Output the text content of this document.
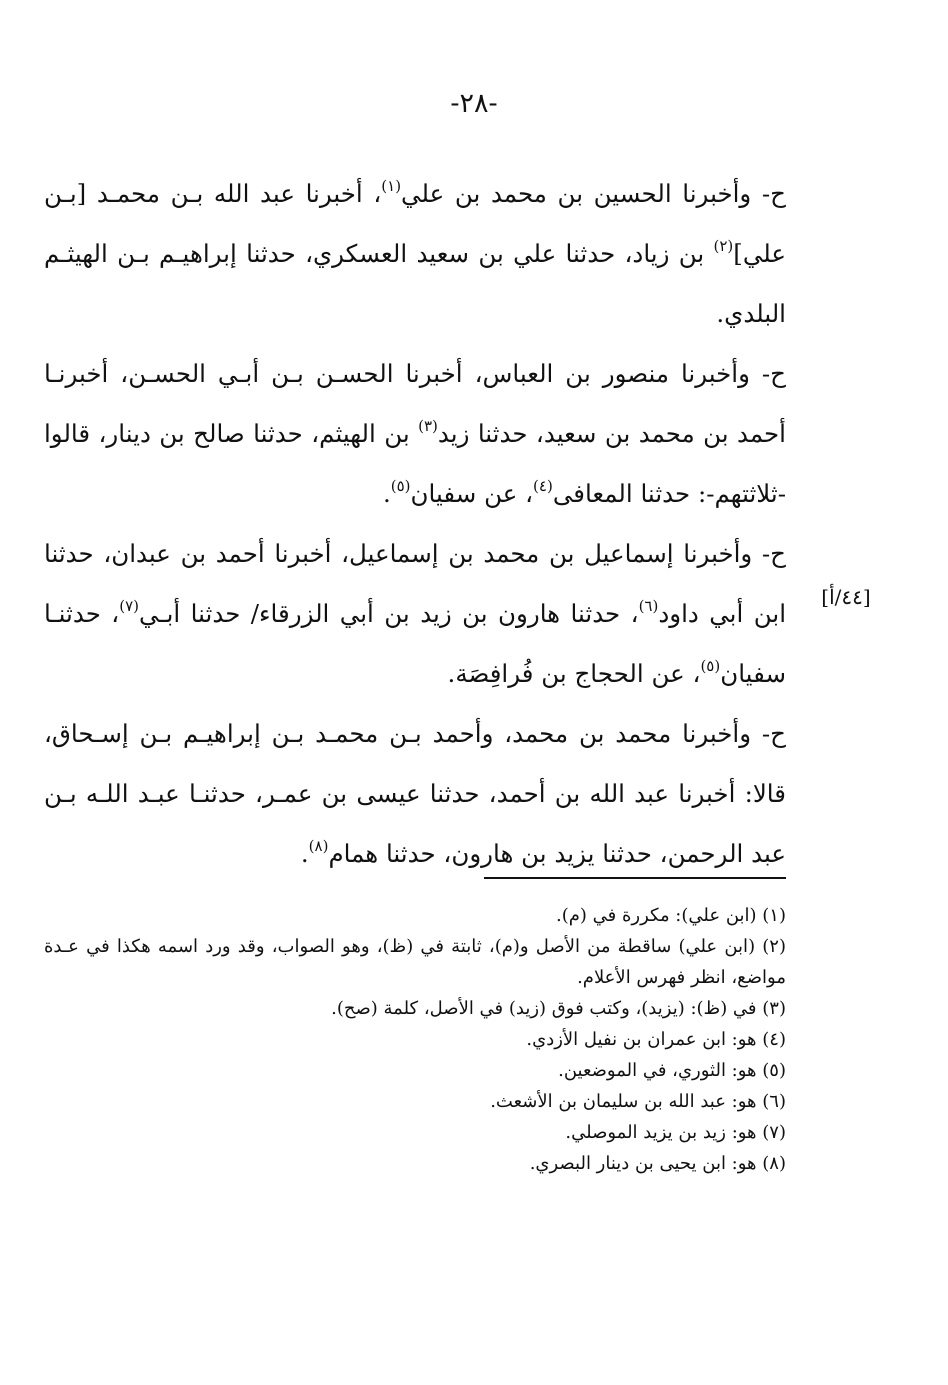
-٢٨-
[٤٤/أ]

ح- وأخبرنا الحسين بن محمد بن علي$^{(١)}$، أخبرنا عبد الله بـن محمـد [بـن علي]$^{(٢)}$ بن زياد، حدثنا علي بن سعيد العسكري، حدثنا إبراهيـم بـن الهيثـم البلدي.

ح- وأخبرنا منصور بن العباس، أخبرنا الحسـن بـن أبـي الحسـن، أخبرنـا أحمد بن محمد بن سعيد، حدثنا زيد$^{(٣)}$ بن الهيثم، حدثنا صالح بن دينار، قالوا -ثلاثتهم-: حدثنا المعافى$^{(٤)}$، عن سفيان$^{(٥)}$.

ح- وأخبرنا إسماعيل بن محمد بن إسماعيل، أخبرنا أحمد بن عبدان، حدثنا ابن أبي داود$^{(٦)}$، حدثنا هارون بن زيد بن أبي الزرقاء/ حدثنا أبـي$^{(٧)}$، حدثنـا سفيان$^{(٥)}$، عن الحجاج بن فُرافِصَة.

ح- وأخبرنا محمد بن محمد، وأحمد بـن محمـد بـن إبراهيـم بـن إسـحاق، قالا: أخبرنا عبد الله بن أحمد، حدثنا عيسى بن عمـر، حدثنـا عبـد اللـه بـن عبد الرحمن، حدثنا يزيد بن هارون، حدثنا همام$^{(٨)}$.

(١) (ابن علي): مكررة في (م).

(٢) (ابن علي) ساقطة من الأصل و(م)، ثابتة في (ظ)، وهو الصواب، وقد ورد اسمه هكذا في عـدة مواضع، انظر فهرس الأعلام.

(٣) في (ظ): (يزيد)، وكتب فوق (زيد) في الأصل، كلمة (صح).

(٤) هو: ابن عمران بن نفيل الأزدي.

(٥) هو: الثوري، في الموضعين.

(٦) هو: عبد الله بن سليمان بن الأشعث.

(٧) هو: زيد بن يزيد الموصلي.

(٨) هو: ابن يحيى بن دينار البصري.
